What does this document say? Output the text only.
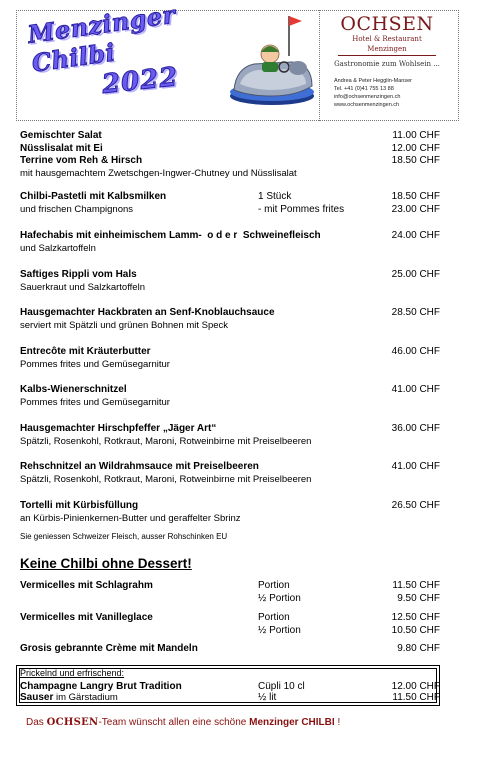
Menzinger Chilbi
2022
OCHSEN
Hotel & Restaurant Menzingen
Gastronomie zum Wohlsein ...
Andrea & Peter Hegglin-Manser
Tel. +41 (0)41 755 13 88
info@ochsenmenzingen.ch
www.ochsenmenzingen.ch
Gemischter Salat	11.00 CHF
Nüsslisalat mit Ei	12.00 CHF
Terrine vom Reh & Hirsch	18.50 CHF
mit hausgemachtem Zwetschgen-Ingwer-Chutney und Nüsslisalat
Chilbi-Pastetli mit Kalbsmilken	1 Stück	18.50 CHF
und frischen Champignons	- mit Pommes frites	23.00 CHF
Hafechabis mit einheimischem Lamm-  o d e r  Schweinefleisch	24.00 CHF
und Salzkartoffeln
Saftiges Rippli vom Hals	25.00 CHF
Sauerkraut und Salzkartoffeln
Hausgemachter Hackbraten an Senf-Knoblauchsauce	28.50 CHF
serviert mit Spätzli und grünen Bohnen mit Speck
Entrecôte mit Kräuterbutter	46.00 CHF
Pommes frites und Gemüsegarnitur
Kalbs-Wienerschnitzel	41.00 CHF
Pommes frites und Gemüsegarnitur
Hausgemachter Hirschpfeffer „Jäger Art“	36.00 CHF
Spätzli, Rosenkohl, Rotkraut, Maroni, Rotweinbirne mit Preiselbeeren
Rehschnitzel an Wildrahmsauce mit Preiselbeeren	41.00 CHF
Spätzli, Rosenkohl, Rotkraut, Maroni, Rotweinbirne mit Preiselbeeren
Tortelli mit Kürbisfüllung	26.50 CHF
an Kürbis-Pinienkernen-Butter und geraffelter Sbrinz
Sie geniessen Schweizer Fleisch, ausser Rohschinken EU
Keine Chilbi ohne Dessert!
Vermicelles mit Schlagrahm	Portion	11.50 CHF
½ Portion	9.50 CHF
Vermicelles mit Vanilleglace	Portion	12.50 CHF
½ Portion	10.50 CHF
Grosis gebrannte Crème mit Mandeln	9.80 CHF
Prickelnd und erfrischend:
Champagne Langry Brut Tradition	Cüpli 10 cl	12.00 CHF
Sauser im Gärstadium	½ lit	11.50 CHF
Das OCHSEN-Team wünscht allen eine schöne Menzinger CHILBI !
